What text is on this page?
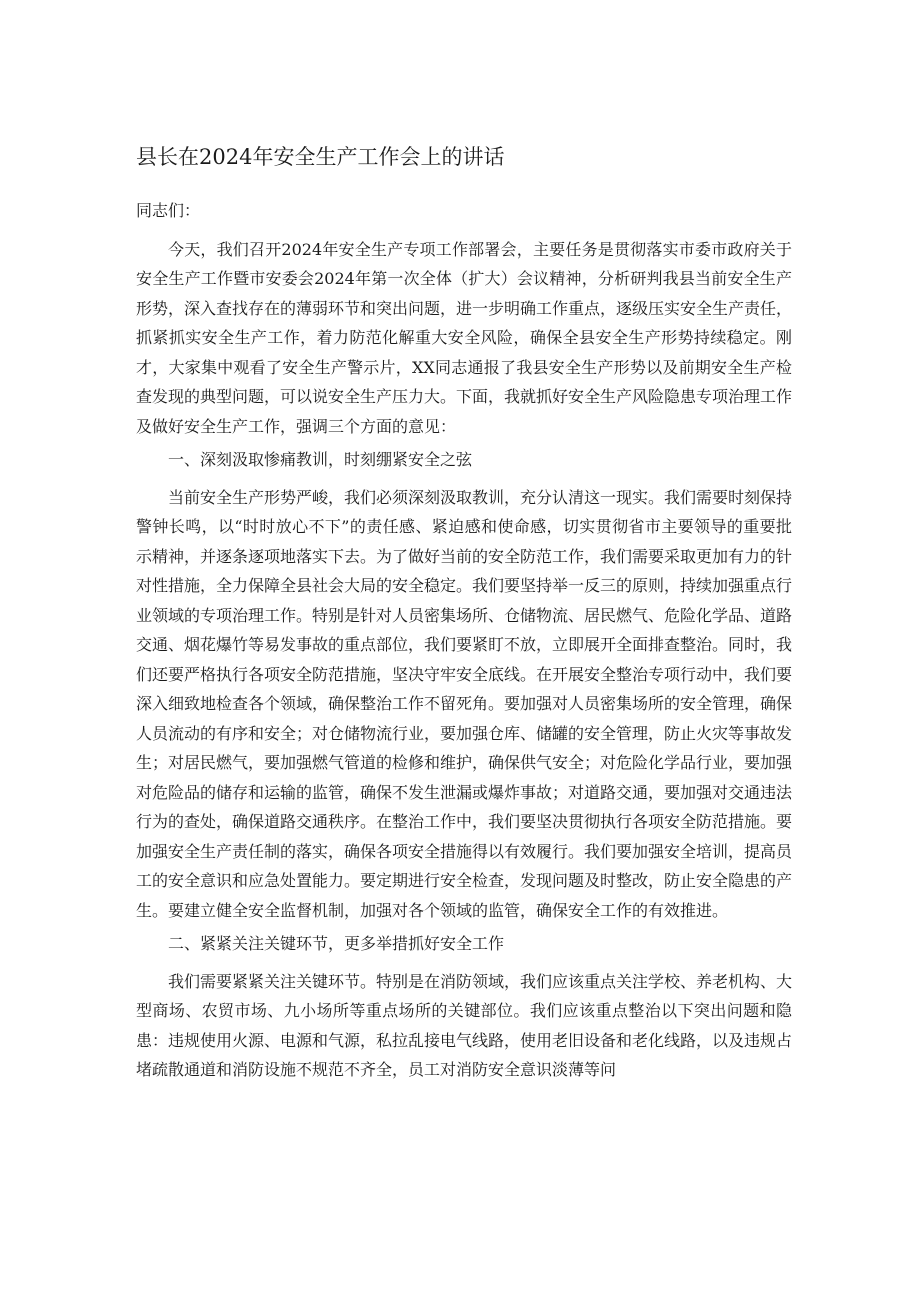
县长在2024年安全生产工作会上的讲话

同志们：

今天，我们召开2024年安全生产专项工作部署会，主要任务是贯彻落实市委市政府关于安全生产工作暨市安委会2024年第一次全体（扩大）会议精神，分析研判我县当前安全生产形势，深入查找存在的薄弱环节和突出问题，进一步明确工作重点，逐级压实安全生产责任，抓紧抓实安全生产工作，着力防范化解重大安全风险，确保全县安全生产形势持续稳定。刚才，大家集中观看了安全生产警示片，XX同志通报了我县安全生产形势以及前期安全生产检查发现的典型问题，可以说安全生产压力大。下面，我就抓好安全生产风险隐患专项治理工作及做好安全生产工作，强调三个方面的意见：

一、深刻汲取惨痛教训，时刻绷紧安全之弦

当前安全生产形势严峻，我们必须深刻汲取教训，充分认清这一现实。我们需要时刻保持警钟长鸣，以“时时放心不下”的责任感、紧迫感和使命感，切实贯彻省市主要领导的重要批示精神，并逐条逐项地落实下去。为了做好当前的安全防范工作，我们需要采取更加有力的针对性措施，全力保障全县社会大局的安全稳定。我们要坚持举一反三的原则，持续加强重点行业领域的专项治理工作。特别是针对人员密集场所、仓储物流、居民燃气、危险化学品、道路交通、烟花爆竹等易发事故的重点部位，我们要紧盯不放，立即展开全面排查整治。同时，我们还要严格执行各项安全防范措施，坚决守牢安全底线。在开展安全整治专项行动中，我们要深入细致地检查各个领域，确保整治工作不留死角。要加强对人员密集场所的安全管理，确保人员流动的有序和安全；对仓储物流行业，要加强仓库、储罐的安全管理，防止火灾等事故发生；对居民燃气，要加强燃气管道的检修和维护，确保供气安全；对危险化学品行业，要加强对危险品的储存和运输的监管，确保不发生泄漏或爆炸事故；对道路交通，要加强对交通违法行为的查处，确保道路交通秩序。在整治工作中，我们要坚决贯彻执行各项安全防范措施。要加强安全生产责任制的落实，确保各项安全措施得以有效履行。我们要加强安全培训，提高员工的安全意识和应急处置能力。要定期进行安全检查，发现问题及时整改，防止安全隐患的产生。要建立健全安全监督机制，加强对各个领域的监管，确保安全工作的有效推进。

二、紧紧关注关键环节，更多举措抓好安全工作

我们需要紧紧关注关键环节。特别是在消防领域，我们应该重点关注学校、养老机构、大型商场、农贸市场、九小场所等重点场所的关键部位。我们应该重点整治以下突出问题和隐患：违规使用火源、电源和气源，私拉乱接电气线路，使用老旧设备和老化线路，以及违规占堵疏散通道和消防设施不规范不齐全，员工对消防安全意识淡薄等问
